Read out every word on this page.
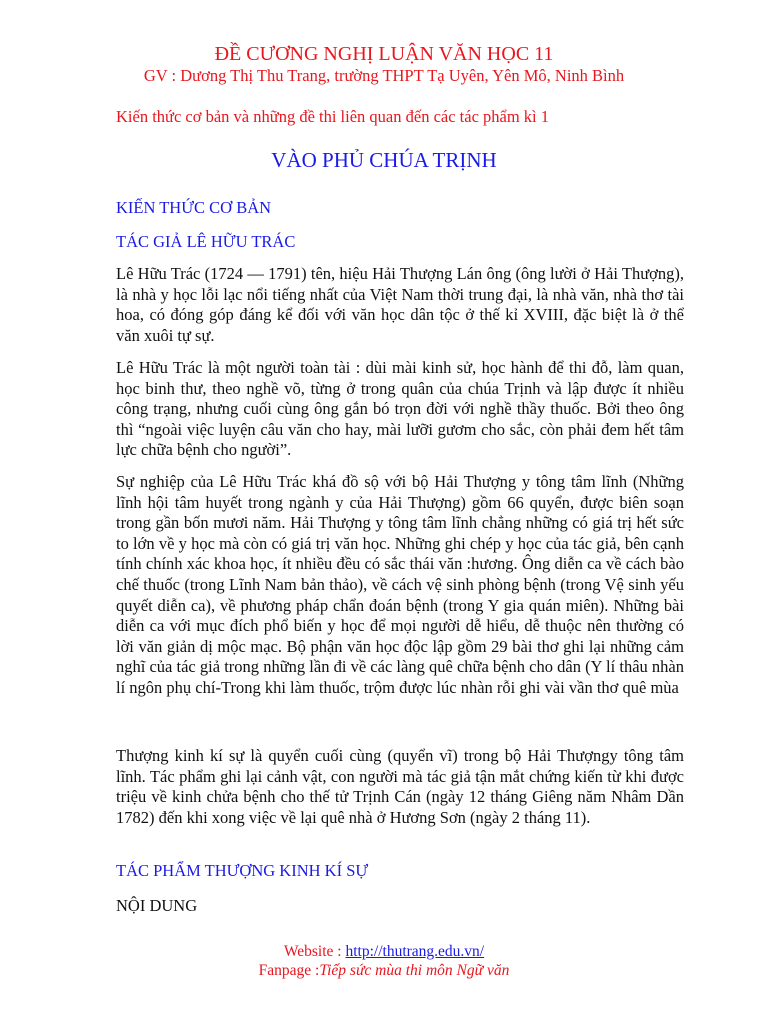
ĐỀ CƯƠNG NGHỊ LUẬN VĂN HỌC 11

GV : Dương Thị Thu Trang, trường THPT Tạ Uyên, Yên Mô, Ninh Bình

Kiến thức cơ bản và những đề thi liên quan đến các tác phẩm kì 1

VÀO PHỦ CHÚA TRỊNH

KIẾN THỨC CƠ BẢN

TÁC GIẢ LÊ HỮU TRÁC

Lê Hữu Trác (1724 — 1791) tên, hiệu Hải Thượng Lán ông (ông lười ở Hải Thượng), là nhà y học lỗi lạc nổi tiếng nhất của Việt Nam thời trung đại, là nhà văn, nhà thơ tài hoa, có đóng góp đáng kể đối với văn học dân tộc ở thế kỉ XVIII, đặc biệt là ở thể văn xuôi tự sự.

Lê Hữu Trác là một người toàn tài : dùi mài kinh sử, học hành để thi đỗ, làm quan, học binh thư, theo nghề võ, từng ở trong quân của chúa Trịnh và lập được ít nhiều công trạng, nhưng cuối cùng ông gắn bó trọn đời với nghề thầy thuốc. Bởi theo ông thì “ngoài việc luyện câu văn cho hay, mài lưỡi gươm cho sắc, còn phải đem hết tâm lực chữa bệnh cho người”.

Sự nghiệp của Lê Hữu Trác khá đồ sộ với bộ Hải Thượng y tông tâm lĩnh (Những lĩnh hội tâm huyết trong ngành y của Hải Thượng) gồm 66 quyển, được biên soạn trong gần bốn mươi năm. Hải Thượng y tông tâm lĩnh chẳng những có giá trị hết sức to lớn về y học mà còn có giá trị văn học. Những ghi chép y học của tác giả, bên cạnh tính chính xác khoa học, ít nhiều đều có sắc thái văn :hương. Ông diễn ca về cách bào chế thuốc (trong Lĩnh Nam bản thảo), về cách vệ sinh phòng bệnh (trong Vệ sinh yếu quyết diễn ca), về phương pháp chẩn đoán bệnh (trong Y gia quán miên). Những bài diễn ca với mục đích phổ biến y học để mọi người dễ hiểu, dễ thuộc nên thường có lời văn giản dị mộc mạc. Bộ phận văn học độc lập gồm 29 bài thơ ghi lại những cảm nghĩ của tác giả trong những lần đi về các làng quê chữa bệnh cho dân (Y lí thâu nhàn lí ngôn phụ chí-Trong khi làm thuốc, trộm được lúc nhàn rỗi ghi vài vần thơ quê mùa

Thượng kinh kí sự là quyển cuối cùng (quyển vĩ) trong bộ Hải Thượngy tông tâm lĩnh. Tác phẩm ghi lại cảnh vật, con người mà tác giả tận mắt chứng kiến từ khi được triệu về kinh chửa bệnh cho thế tử Trịnh Cán (ngày 12 tháng Giêng năm Nhâm Dần 1782) đến khi xong việc về lại quê nhà ở Hương Sơn (ngày 2 tháng 11).

TÁC PHẨM THƯỢNG KINH KÍ SỰ

NỘI DUNG

Website : http://thutrang.edu.vn/

Fanpage :Tiếp sức mùa thi môn Ngữ văn
